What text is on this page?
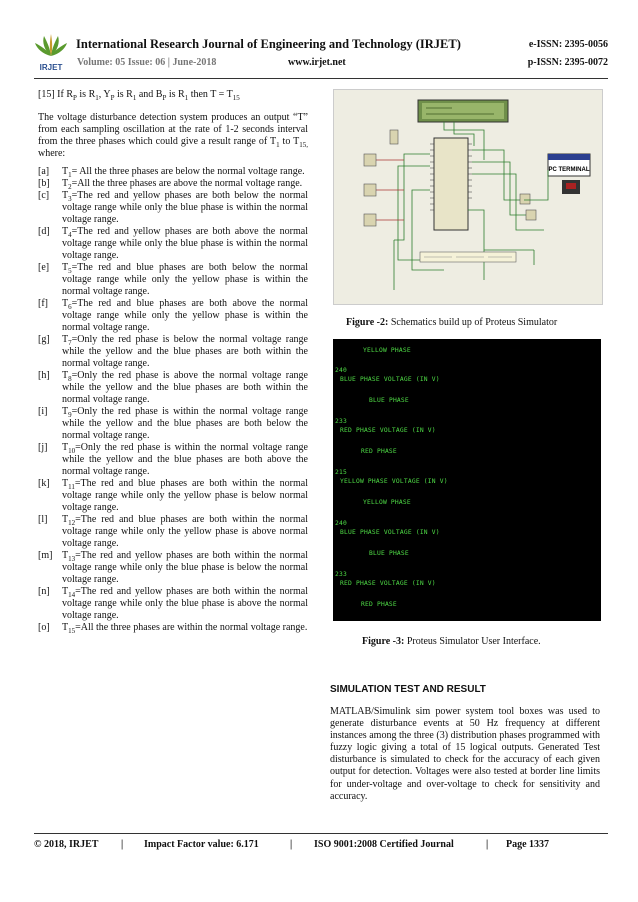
IRJET
International Research Journal of Engineering and Technology (IRJET)
Volume: 05 Issue: 06 | June-2018	www.irjet.net
e-ISSN: 2395-0056
p-ISSN: 2395-0072

[15] If $R_P$ is $R_1$, $Y_P$ is $R_1$ and $B_P$ is $R_1$ then $T = T_{15}$

The voltage disturbance detection system produces an output “T” from each sampling oscillation at the rate of 1-2 seconds interval from the three phases which could give a result range of $T_1$ to $T_{15,}$ where:

[a]	$T_1=$ All the three phases are below the normal voltage range.
[b]	$T_2=All$ the three phases are above the normal voltage range.
[c]	$T_3=The$ red and yellow phases are both below the normal voltage range while only the blue phase is within the normal voltage range.
[d]	$T_4=The$ red and yellow phases are both above the normal voltage range while only the blue phase is within the normal voltage range.
[e]	$T_5=The$ red and blue phases are both below the normal voltage range while only the yellow phase is within the normal voltage range.
[f]	$T_6=The$ red and blue phases are both above the normal voltage range while only the yellow phase is within the normal voltage range.
[g]	$T_7=Only$ the red phase is below the normal voltage range while the yellow and the blue phases are both within the normal voltage range.
[h]	$T_8=Only$ the red phase is above the normal voltage range while the yellow and the blue phases are both within the normal voltage range.
[i]	$T_9=Only$ the red phase is within the normal voltage range while the yellow and the blue phases are both below the normal voltage range.
[j]	$T_{10}=Only$ the red phase is within the normal voltage range while the yellow and the blue phases are both above the normal voltage range.
[k]	$T_{11}=The$ red and blue phases are both within the normal voltage range while only the yellow phase is below normal voltage range.
[l]	$T_{12}=The$ red and blue phases are both within the normal voltage range while only the yellow phase is above normal voltage range.
[m] $T_{13}=The$ red and yellow phases are both within the normal voltage range while only the blue phase is below the normal voltage range.
[n]	$T_{14}=The$ red and yellow phases are both within the normal voltage range while only the blue phase is above the normal voltage range.
[o]	$T_{15}=All$ the three phases are within the normal voltage range.
PC TERMINAL
Figure -2: Schematics build up of Proteus Simulator
YELLOW PHASE
240
BLUE PHASE VOLTAGE (IN V)
BLUE PHASE
233
RED PHASE VOLTAGE (IN V)
RED PHASE
215
YELLOW PHASE VOLTAGE (IN V)
YELLOW PHASE
240
BLUE PHASE VOLTAGE (IN V)
BLUE PHASE
233
RED PHASE VOLTAGE (IN V)
RED PHASE
Figure -3: Proteus Simulator User Interface.
SIMULATION TEST AND RESULT

MATLAB/Simulink sim power system tool boxes was used to generate disturbance events at 50 Hz frequency at different instances among the three (3) distribution phases programmed with fuzzy logic giving a total of 15 logical outputs. Generated Test disturbance is simulated to check for the accuracy of each given output for detection. Voltages were also tested at border line limits for under-voltage and over-voltage to check for sensitivity and accuracy.

© 2018, IRJET | Impact Factor value: 6.171	| ISO 9001:2008 Certified Journal	| Page 1337
